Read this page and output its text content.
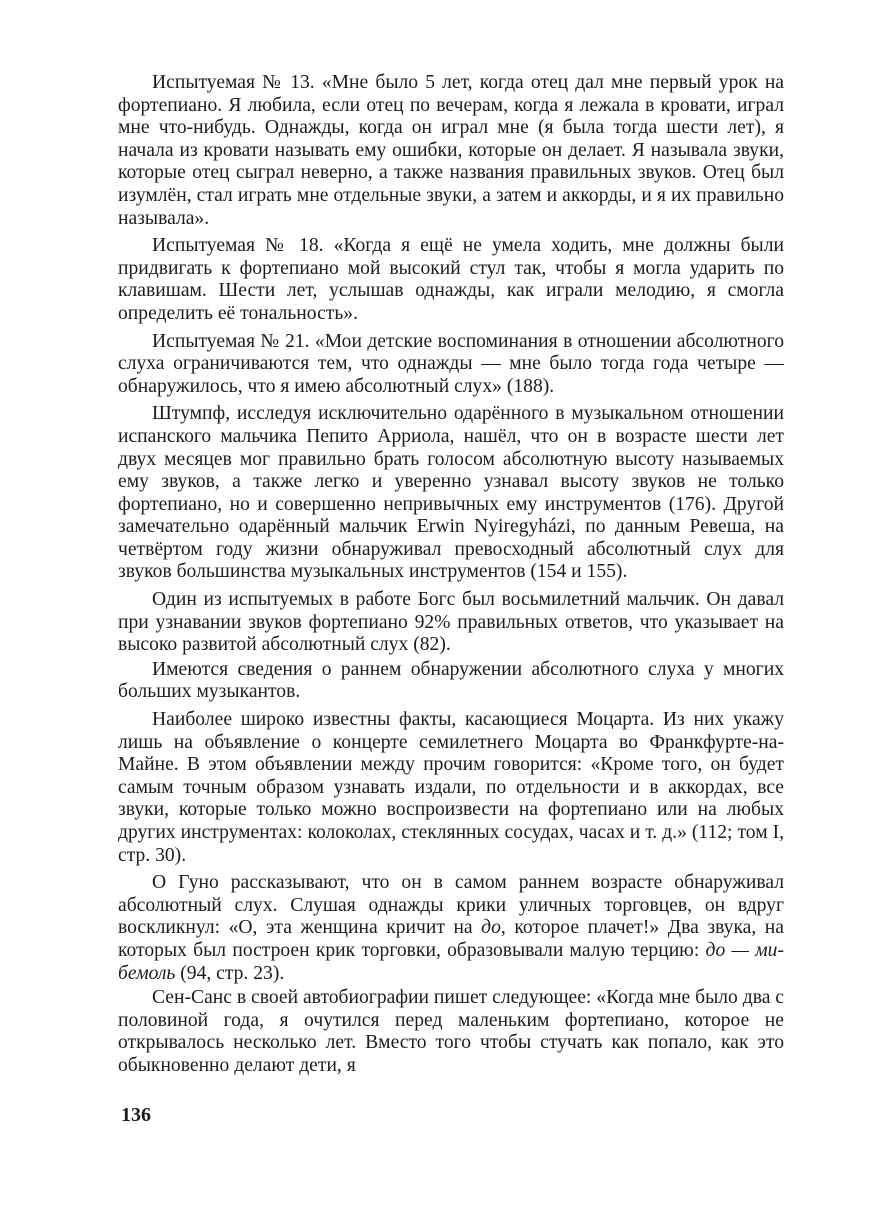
Испытуемая № 13. «Мне было 5 лет, когда отец дал мне первый урок на фортепиано. Я любила, если отец по вечерам, когда я лежала в кровати, играл мне что-нибудь. Однажды, когда он играл мне (я была тогда шести лет), я начала из кровати называть ему ошибки, которые он делает. Я называла звуки, которые отец сыграл неверно, а также названия правильных звуков. Отец был изумлён, стал играть мне отдельные звуки, а затем и аккорды, и я их правильно называла».

Испытуемая № 18. «Когда я ещё не умела ходить, мне должны были придвигать к фортепиано мой высокий стул так, чтобы я могла ударить по клавишам. Шести лет, услышав однажды, как играли мелодию, я смогла определить её тональность».

Испытуемая № 21. «Мои детские воспоминания в отношении абсолютного слуха ограничиваются тем, что однажды — мне было тогда года четыре — обнаружилось, что я имею абсолютный слух» (188).

Штумпф, исследуя исключительно одарённого в музыкальном отношении испанского мальчика Пепито Арриола, нашёл, что он в возрасте шести лет двух месяцев мог правильно брать голосом абсолютную высоту называемых ему звуков, а также легко и уверенно узнавал высоту звуков не только фортепиано, но и совершенно непривычных ему инструментов (176). Другой замечательно одарённый мальчик Erwin Nyiregyházi, по данным Ревеша, на четвёртом году жизни обнаруживал превосходный абсолютный слух для звуков большинства музыкальных инструментов (154 и 155).

Один из испытуемых в работе Богс был восьмилетний мальчик. Он давал при узнавании звуков фортепиано 92% правильных ответов, что указывает на высоко развитой абсолютный слух (82).

Имеются сведения о раннем обнаружении абсолютного слуха у многих больших музыкантов.

Наиболее широко известны факты, касающиеся Моцарта. Из них укажу лишь на объявление о концерте семилетнего Моцарта во Франкфурте-на-Майне. В этом объявлении между прочим говорится: «Кроме того, он будет самым точным образом узнавать издали, по отдельности и в аккордах, все звуки, которые только можно воспроизвести на фортепиано или на любых других инструментах: колоколах, стеклянных сосудах, часах и т. д.» (112; том I, стр. 30).

О Гуно рассказывают, что он в самом раннем возрасте обнаруживал абсолютный слух. Слушая однажды крики уличных торговцев, он вдруг воскликнул: «О, эта женщина кричит на до, которое плачет!» Два звука, на которых был построен крик торговки, образовывали малую терцию: до — ми-бемоль (94, стр. 23).

Сен-Санс в своей автобиографии пишет следующее: «Когда мне было два с половиной года, я очутился перед маленьким фортепиано, которое не открывалось несколько лет. Вместо того чтобы стучать как попало, как это обыкновенно делают дети, я

136
